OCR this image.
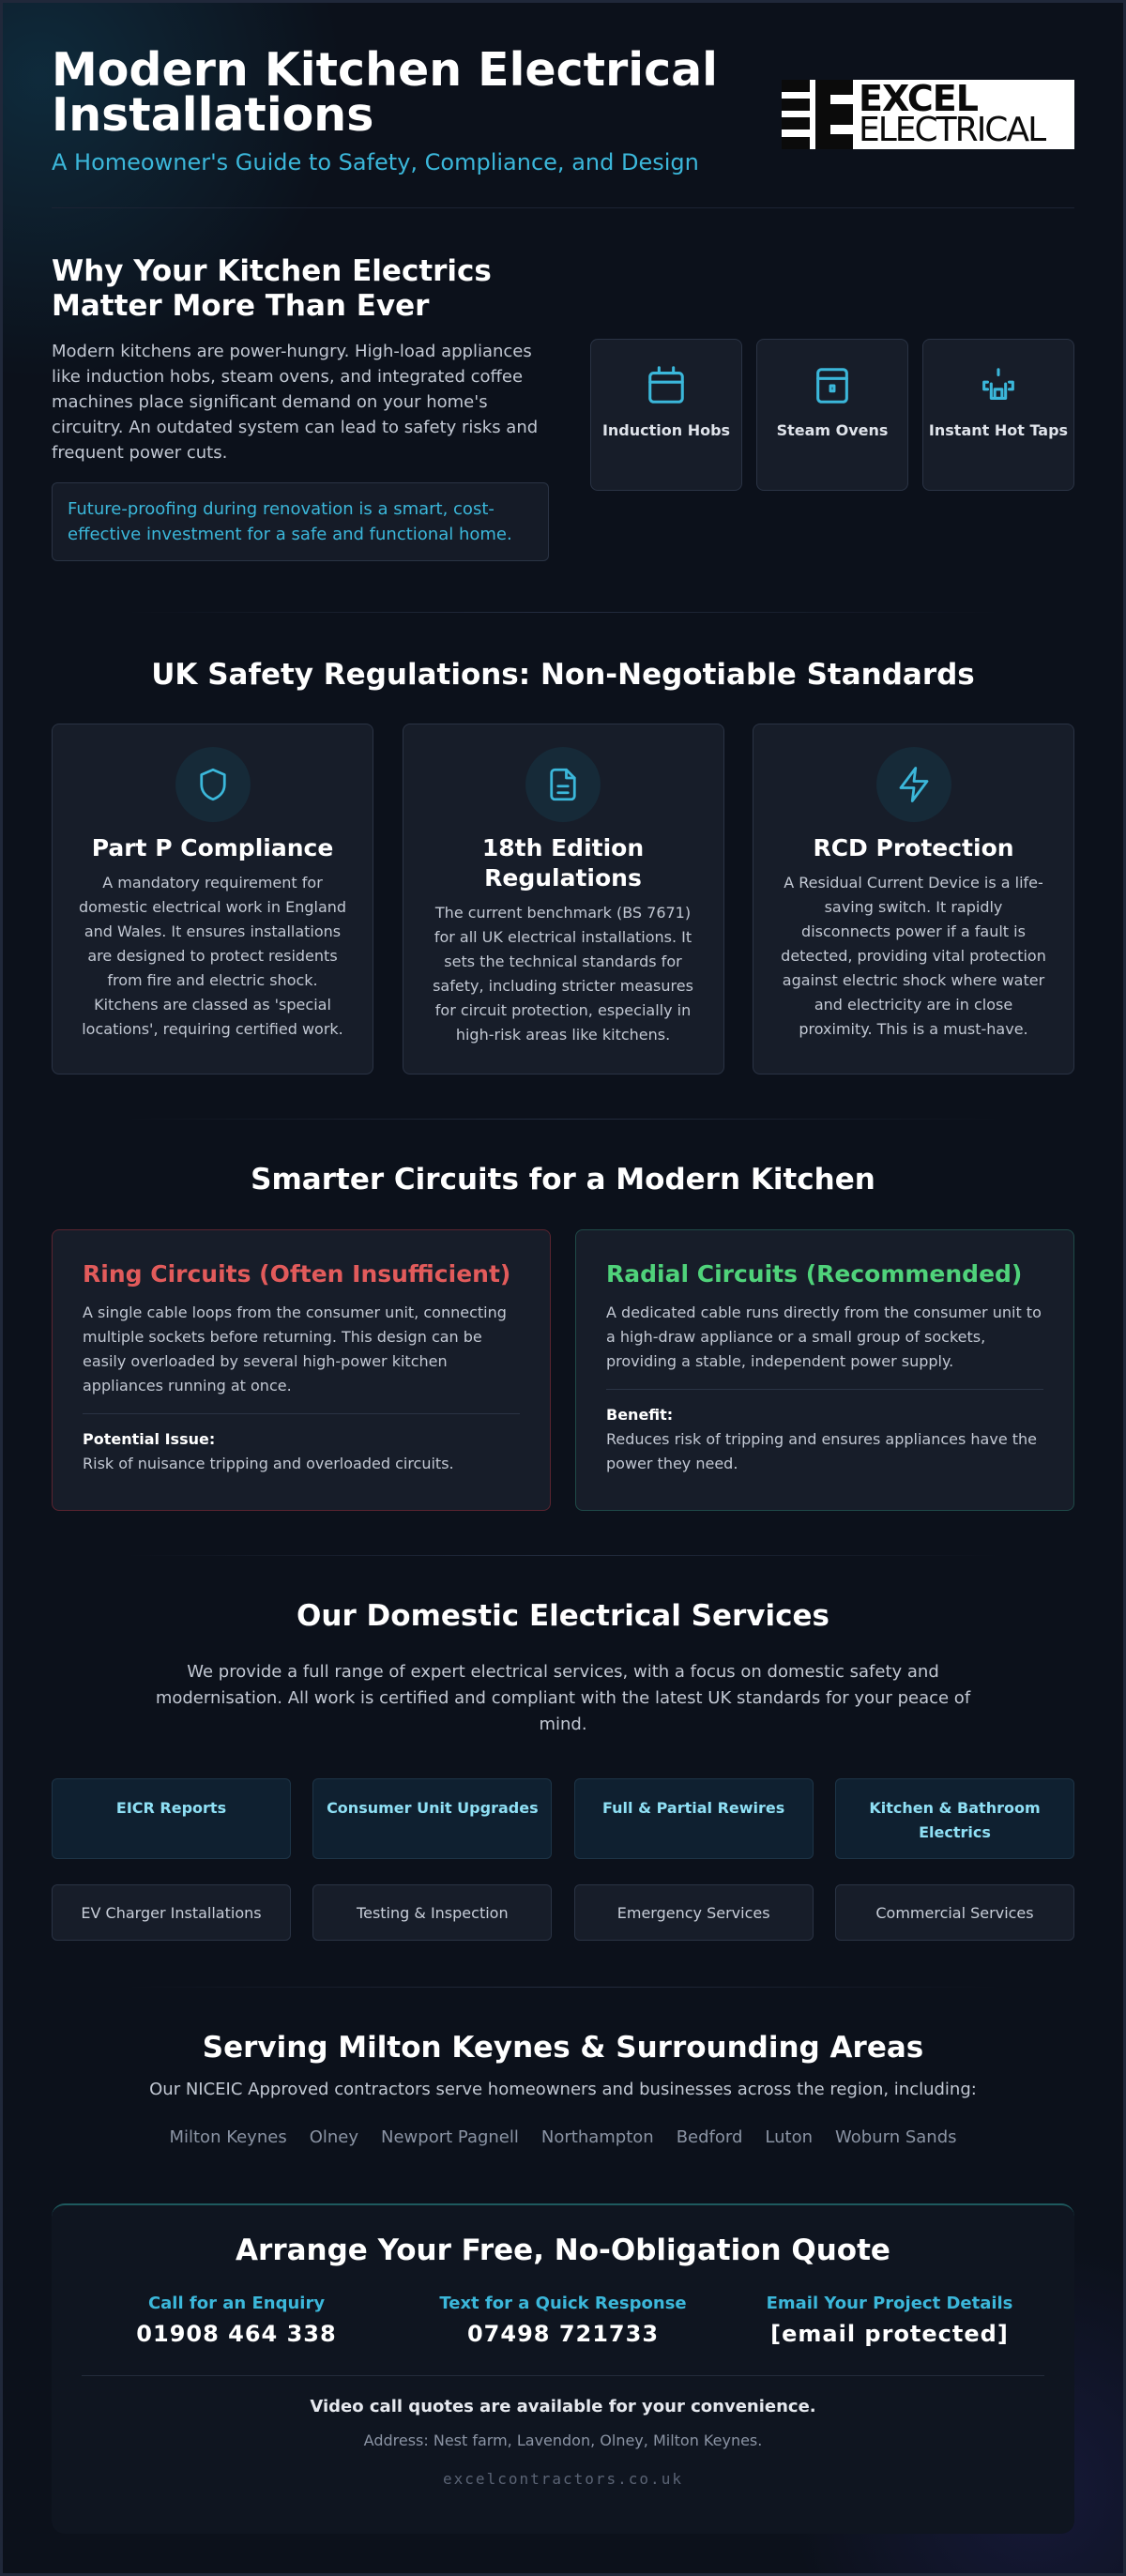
Modern Kitchen Electrical Installations
A Homeowner's Guide to Safety, Compliance, and Design
EXCEL
ELECTRICAL
Why Your Kitchen Electrics Matter More Than Ever

Modern kitchens are power-hungry. High-load appliances like induction hobs, steam ovens, and integrated coffee machines place significant demand on your home's circuitry. An outdated system can lead to safety risks and frequent power cuts.

Future-proofing during renovation is a smart, cost-effective investment for a safe and functional home.
Induction Hobs	Steam Ovens	Instant Hot Taps
UK Safety Regulations: Non-Negotiable Standards
Part P Compliance
A mandatory requirement for domestic electrical work in England and Wales. It ensures installations are designed to protect residents from fire and electric shock. Kitchens are classed as 'special locations', requiring certified work.
18th Edition Regulations
The current benchmark (BS 7671) for all UK electrical installations. It sets the technical standards for safety, including stricter measures for circuit protection, especially in high-risk areas like kitchens.
RCD Protection
A Residual Current Device is a life-saving switch. It rapidly disconnects power if a fault is detected, providing vital protection against electric shock where water and electricity are in close proximity. This is a must-have.
Smarter Circuits for a Modern Kitchen
Ring Circuits (Often Insufficient)
A single cable loops from the consumer unit, connecting multiple sockets before returning. This design can be easily overloaded by several high-power kitchen appliances running at once.
Potential Issue:
Risk of nuisance tripping and overloaded circuits.
Radial Circuits (Recommended)
A dedicated cable runs directly from the consumer unit to a high-draw appliance or a small group of sockets, providing a stable, independent power supply.
Benefit:
Reduces risk of tripping and ensures appliances have the power they need.
Our Domestic Electrical Services

We provide a full range of expert electrical services, with a focus on domestic safety and modernisation. All work is certified and compliant with the latest UK standards for your peace of mind.

EICR Reports	Consumer Unit Upgrades	Full & Partial Rewires	Kitchen & Bathroom Electrics
EV Charger Installations	Testing & Inspection	Emergency Services	Commercial Services
Serving Milton Keynes & Surrounding Areas

Our NICEIC Approved contractors serve homeowners and businesses across the region, including:

Milton Keynes Olney Newport Pagnell Northampton Bedford Luton Woburn Sands
Arrange Your Free, No-Obligation Quote
Call for an Enquiry
01908 464 338
Text for a Quick Response
07498 721733
Email Your Project Details
[email protected]
Video call quotes are available for your convenience.
Address: Nest farm, Lavendon, Olney, Milton Keynes.
excelcontractors.co.uk
